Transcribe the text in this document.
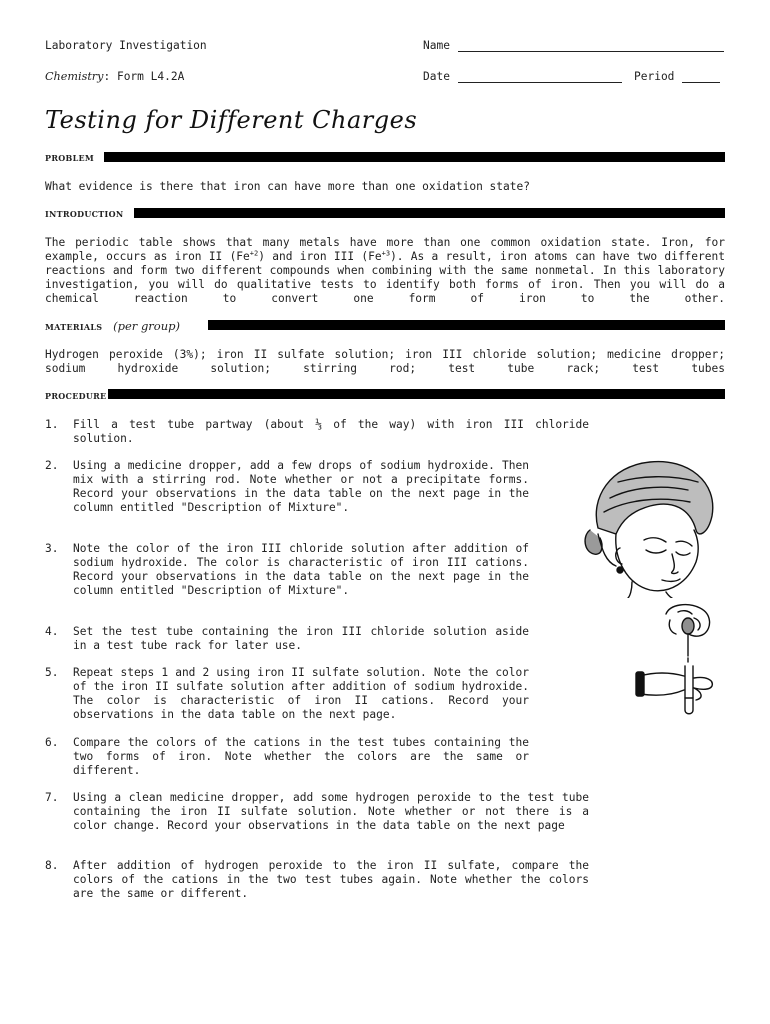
Laboratory Investigation	Name
Chemistry: Form L4.2A	Date	Period
Testing for Different Charges
PROBLEM
What evidence is there that iron can have more than one oxidation state?
INTRODUCTION
The periodic table shows that many metals have more than one common oxidation state. Iron, for example, occurs as iron II $(Fe^{+2})$ and iron III $(Fe^{+3})$. As a result, iron atoms can have two different reactions and form two different compounds when combining with the same nonmetal. In this laboratory investigation, you will do qualitative tests to identify both forms of iron. Then you will do a chemical reaction to convert one form of iron to the other.
MATERIALS (per group)
Hydrogen peroxide (3%); iron II sulfate solution; iron III chloride solution; medicine dropper; sodium hydroxide solution; stirring rod; test tube rack; test tubes
PROCEDURE
1.	Fill a test tube partway (about ⅓ of the way) with iron III chloride solution.
2.	Using a medicine dropper, add a few drops of sodium hydroxide. Then mix with a stirring rod. Note whether or not a precipitate forms. Record your observations in the data table on the next page in the column entitled "Description of Mixture".
3.	Note the color of the iron III chloride solution after addition of sodium hydroxide. The color is characteristic of iron III cations. Record your observations in the data table on the next page in the column entitled "Description of Mixture".
4.	Set the test tube containing the iron III chloride solution aside in a test tube rack for later use.
5.	Repeat steps 1 and 2 using iron II sulfate solution. Note the color of the iron II sulfate solution after addition of sodium hydroxide. The color is characteristic of iron II cations. Record your observations in the data table on the next page.
6.	Compare the colors of the cations in the test tubes containing the two forms of iron. Note whether the colors are the same or different.
7.	Using a clean medicine dropper, add some hydrogen peroxide to the test tube containing the iron II sulfate solution. Note whether or not there is a color change. Record your observations in the data table on the next page
8.	After addition of hydrogen peroxide to the iron II sulfate, compare the colors of the cations in the two test tubes again. Note whether the colors are the same or different.
